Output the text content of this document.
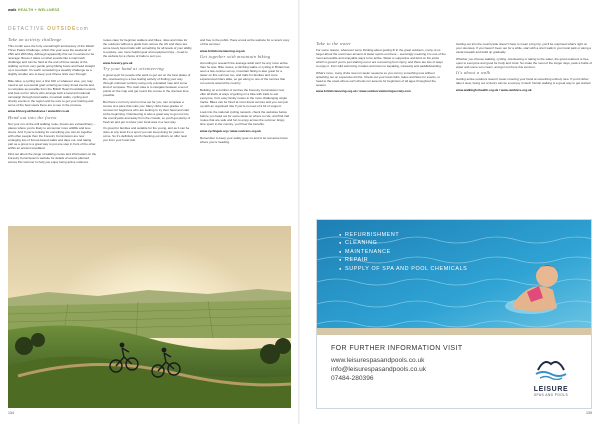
walk HEALTH + WELLNESS
DETACTIVE OUTSIDEcom
Take an activity challenge

This month sees the forty-somethingth anniversary of the Welsh Three Peaks Challenge, which this year sees the weekend of 25th and 26th May. Although apparently first set in earnest to be 'average' fitness it takes on what sounds like a mammoth challenge and can be hard at the end of three weeks of the walking up from very gentle going hiking boots and head straight up a mountain. It's worth considering a steadily challenge as a slightly smaller one to keep your fitness ticks over through.

Bike rides, a cycling tour, a first 10K or whatever else, you may need to set a personal goal: entering as many timed events and to complete as possible from the British Heart Foundation events, and look out for others who arrange both a local and national campaign through local walks, mountain walks, cycling and charity events in the region and be sure to get your training and some of the best views there are to see in the process.

www.bhf.org.uk/fundraise / www.bhf.co.uk
Head out into the forest

Not your run-of-the-mill walking route, forests are extraordinary – places where you're likely to encounter more wildlife and less stress. And if you're looking for something you can do together with other people then the Forestry Commission are now arranging lots of Forest-based walks and days out, and taking part as a group is a great way to put one step in front of the other within an ancient woodland.

Find out about the range of walking routes and information on the Forestry Commission's website for details of events planned across this summer to help you enjoy being active outdoors.

routes cater for beginner walkers and hikes, rides and rides for the outdoors without a guide from across the UK and there are some lovely forest trails with something for all levels of your ability to explore, see more helpful gear and equipment tips – head to the website for a choice of trails to suit you.

www.forestry.gov.uk
Try your hand at orienteering

A great sport for people who want to get out on the best plates of life, orienteering is a free feeling activity of finding your way through unknown territory using only a detailed map and some kind of compass. The main idea is to navigate between a set of points on the map and get round the course in the shortest time possible.

But there's no hurry and no time set for you, can complete a course at a pace that suits you. Many clubs have grades of courses for beginners who are looking to try their hand and start at the beginning. Orienteering is also a great way to get out into the countryside and away from the crowds, so you'll get plenty of fresh air and get to know your local area in a new way.

It's great for families and suitable for the young, and as it can be done at any level it's a sport you can keep doing for years to come. So it's definitely worth checking out what's on offer near you from your local club.

and free to the public. Have a look at the website for a recent copy of this summer.

www.britishorienteering.org.uk
Get together with mountain biking

According to research the average adult can't be any more active than he was. Bike routes, a climbing walks or cycling in Britain has seen a few centres set up, mountain biking is also great for a taster on this summer too, and trails for families and more experienced riders alike, so get along to one of the centres that run events around the country.

Building on a number of centres the Forestry Commission now offer all kinds of ways of getting on a bike with trails to suit everyone, from easy family routes to the more challenging single tracks. Bikes can be hired at most forest centres and you can join up with an organised ride if you're in need of a bit of support.

Look into the national cycling network, check the websites below before you head out for some ideas on where to ride, and find trail routes that are safe and fun to enjoy across the summer. Enjoy time spent in the country, you'll feel the benefits.

www.cyclinguk.org / www.sustrans.org.uk

Remember to keep your safety gear on and to let someone know where you're heading.

134
Take to the water

For some reason, whenever we're thinking about getting fit in the great outdoors, many of us forget about the enormous amount of water sports out there – seemingly meaning it is one of the most accessible and enjoyable ways to be active. Water is supportive and kind on the joints which is great if you're just starting out or are recovering from injury, and there are lots of ways to enjoy it, from wild swimming in lakes and rivers to kayaking, canoeing and paddleboarding.

What's more, many clubs now run taster sessions so you can try something new without splashing out on expensive kit first. Check out your local clubs, lakes and lidos for events, or head to the coast where surf schools run lessons for beginners of all ages throughout the season.

www.britishcanoeing.org.uk / www.outdoorswimmingsociety.com

Getting out into the countryside doesn't have to mean a big trip, you'll be surprised what's right on your doorstep. If you haven't been out for a while, start with a short walk in your local park or along a canal towpath and build up gradually.

Whether you choose walking, cycling, orienteering or taking to the water, the great outdoors is free, open to everyone and good for body and mind. So make the most of the longer days, pack a bottle of water and some sun cream, and get out there this summer.

It's about a walk

Getting active outdoors doesn't mean covering your hand at something entirely new. If you'd rather take it slow, being out of doors can be a real joy in itself. Nordic walking is a great way to get started.

www.walkingforhealth.org.uk / www.ramblers.org.uk
135
● REFURBISHMENT
● CLEANING
● MAINTENANCE
● REPAIR
● SUPPLY OF SPA AND POOL CHEMICALS
FOR FURTHER INFORMATION VISIT
www.leisurespasandpools.co.uk
info@leisurespasandpools.co.uk
07484-280396
LEISURE
SPAS AND POOLS
